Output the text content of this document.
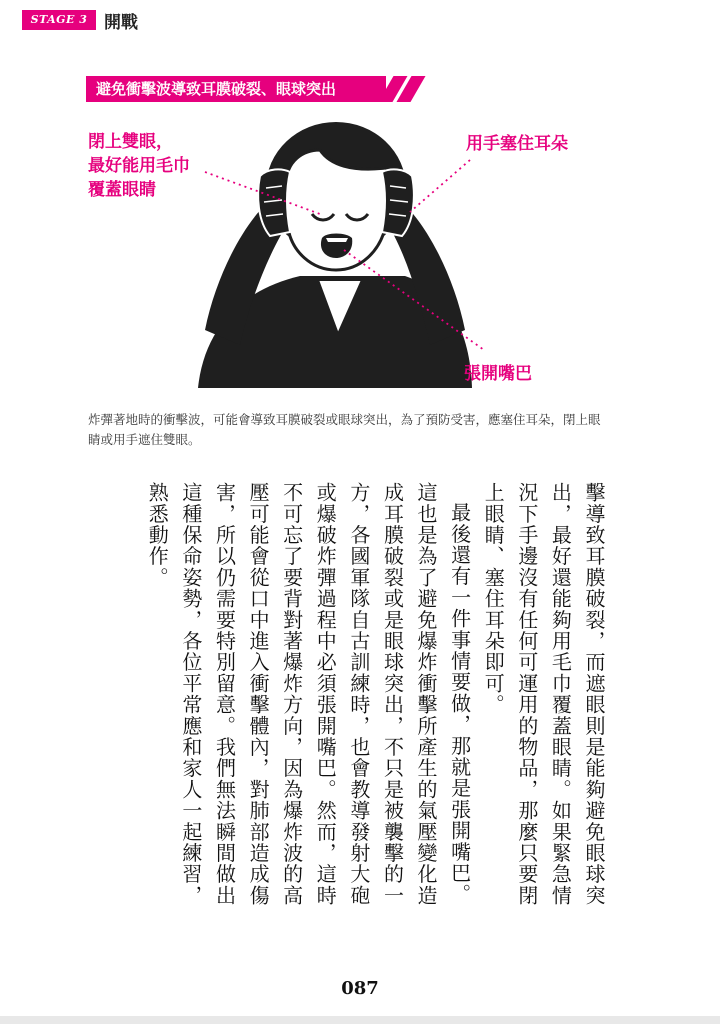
STAGE 3 開戰
避免衝擊波導致耳膜破裂、眼球突出
閉上雙眼，
最好能用毛巾
覆蓋眼睛
用手塞住耳朵
張開嘴巴
炸彈著地時的衝擊波，可能會導致耳膜破裂或眼球突出，為了預防受害，應塞住耳朵，閉上眼睛或用手遮住雙眼。

擊導致耳膜破裂，而遮眼則是能夠避免眼球突出，最好還能夠用毛巾覆蓋眼睛。如果緊急情況下手邊沒有任何可運用的物品，那麼只要閉上眼睛、塞住耳朵即可。

最後還有一件事情要做，那就是張開嘴巴。這也是為了避免爆炸衝擊所產生的氣壓變化造成耳膜破裂或是眼球突出，不只是被襲擊的一方，各國軍隊自古訓練時，也會教導發射大砲或爆破炸彈過程中必須張開嘴巴。然而，這時不可忘了要背對著爆炸方向，因為爆炸波的高壓可能會從口中進入衝擊體內，對肺部造成傷害，所以仍需要特別留意。我們無法瞬間做出這種保命姿勢，各位平常應和家人一起練習，熟悉動作。

087
